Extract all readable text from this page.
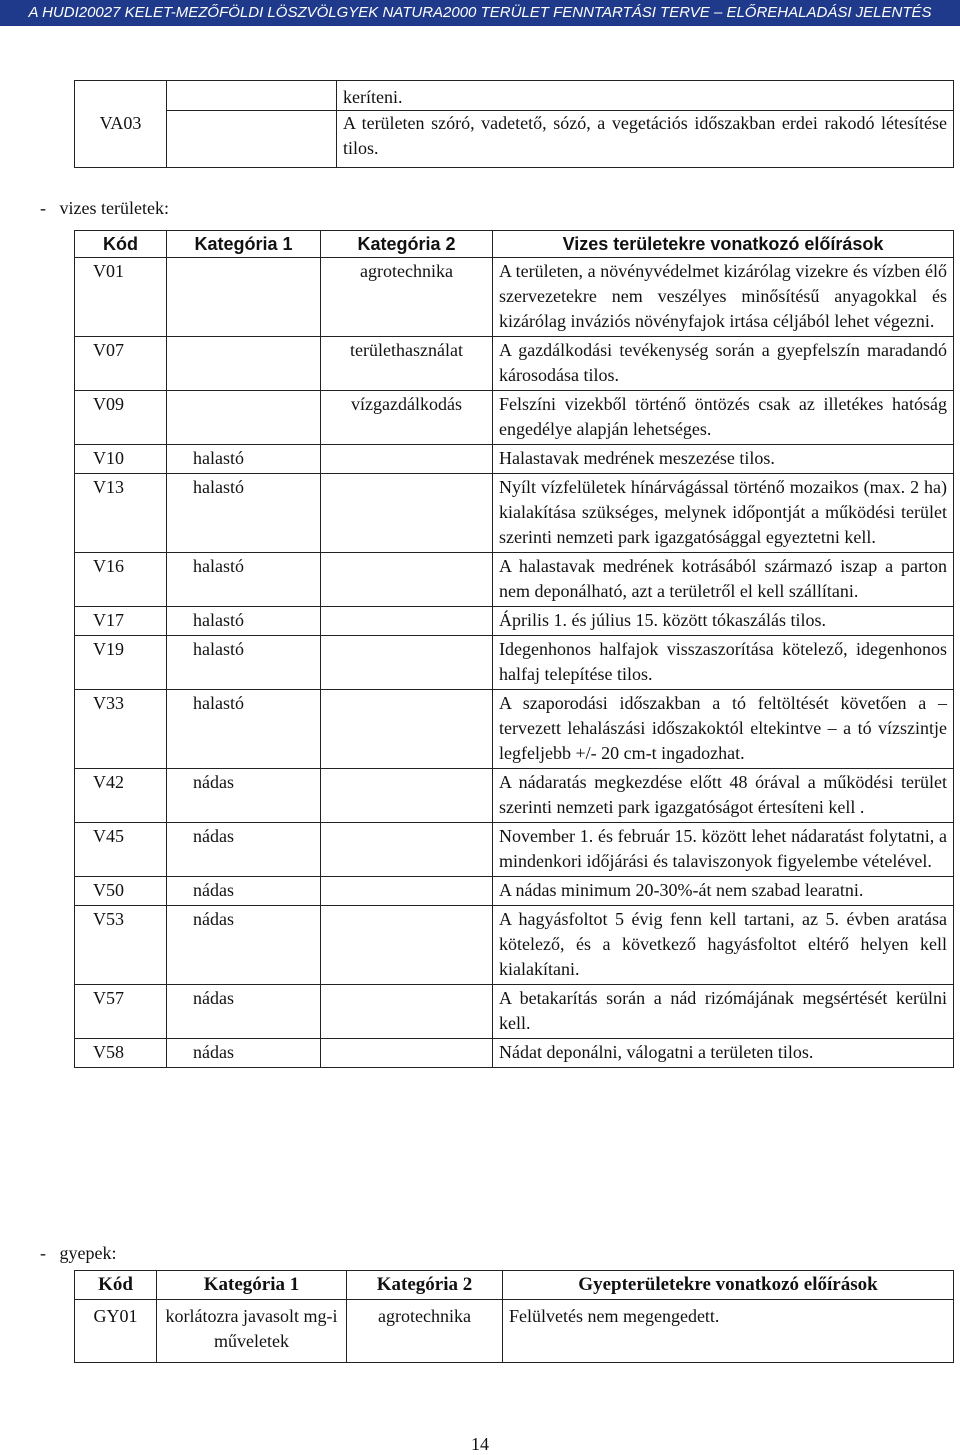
A HUDI20027 KELET-MEZŐFÖLDI LÖSZVÖLGYEK NATURA2000 TERÜLET FENNTARTÁSI TERVE – ELŐREHALADÁSI JELENTÉS
		keríteni.
VA03		A területen szóró, vadetető, sózó, a vegetációs időszakban erdei rakodó létesítése tilos.
-   vizes területek:
Kód	Kategória 1	Kategória 2	Vizes területekre vonatkozó előírások
V01		agrotechnika	A területen, a növényvédelmet kizárólag vizekre és vízben élő szervezetekre nem veszélyes minősítésű anyagokkal és kizárólag inváziós növényfajok irtása céljából lehet végezni.
V07		területhasználat	A gazdálkodási tevékenység során a gyepfelszín maradandó károsodása tilos.
V09		vízgazdálkodás	Felszíni vizekből történő öntözés csak az illetékes hatóság engedélye alapján lehetséges.
V10	halastó		Halastavak medrének meszezése tilos.
V13	halastó		Nyílt vízfelületek hínárvágással történő mozaikos (max. 2 ha) kialakítása szükséges, melynek időpontját a működési terület szerinti nemzeti park igazgatósággal egyeztetni kell.
V16	halastó		A halastavak medrének kotrásából származó iszap a parton nem deponálható, azt a területről el kell szállítani.
V17	halastó		Április 1. és július 15. között tókaszálás tilos.
V19	halastó		Idegenhonos halfajok visszaszorítása kötelező, idegenhonos halfaj telepítése tilos.
V33	halastó		A szaporodási időszakban a tó feltöltését követően a – tervezett lehalászási időszakoktól eltekintve – a tó vízszintje legfeljebb +/- 20 cm-t ingadozhat.
V42	nádas		A nádaratás megkezdése előtt 48 órával a működési terület szerinti nemzeti park igazgatóságot értesíteni kell .
V45	nádas		November 1. és február 15. között lehet nádaratást folytatni, a mindenkori időjárási és talaviszonyok figyelembe vételével.
V50	nádas		A nádas minimum 20-30%-át nem szabad learatni.
V53	nádas		A hagyásfoltot 5 évig fenn kell tartani, az 5. évben aratása kötelező, és a következő hagyásfoltot eltérő helyen kell kialakítani.
V57	nádas		A betakarítás során a nád rizómájának megsértését kerülni kell.
V58	nádas		Nádat deponálni, válogatni a területen tilos.
-   gyepek:
Kód	Kategória 1	Kategória 2	Gyepterületekre vonatkozó előírások
GY01	korlátozra javasolt mg-i műveletek	agrotechnika	Felülvetés nem megengedett.
14
